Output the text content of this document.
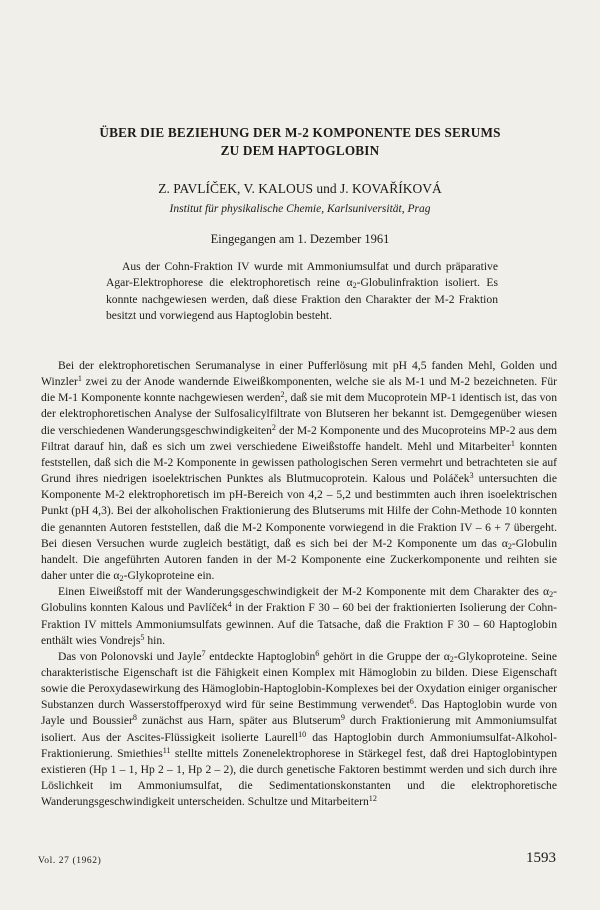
ÜBER DIE BEZIEHUNG DER M-2 KOMPONENTE DES SERUMS
ZU DEM HAPTOGLOBIN
Z. PAVLÍČEK, V. KALOUS und J. KOVAŘÍKOVÁ
Institut für physikalische Chemie, Karlsuniversität, Prag
Eingegangen am 1. Dezember 1961

Aus der Cohn-Fraktion IV wurde mit Ammoniumsulfat und durch präparative Agar-Elektrophorese die elektrophoretisch reine $\alpha_2$-Globulinfraktion isoliert. Es konnte nachgewiesen werden, daß diese Fraktion den Charakter der M-2 Fraktion besitzt und vorwiegend aus Haptoglobin besteht.

Bei der elektrophoretischen Serumanalyse in einer Pufferlösung mit pH 4,5 fanden Mehl, Golden und Winzler$^1$ zwei zu der Anode wandernde Eiweißkomponenten, welche sie als M-1 und M-2 bezeichneten. Für die M-1 Komponente konnte nachgewiesen werden$^2$, daß sie mit dem Mucoprotein MP-1 identisch ist, das von der elektrophoretischen Analyse der Sulfosalicylfiltrate von Blutseren her bekannt ist. Demgegenüber wiesen die verschiedenen Wanderungsgeschwindigkeiten$^2$ der M-2 Komponente und des Mucoproteins MP-2 aus dem Filtrat darauf hin, daß es sich um zwei verschiedene Eiweißstoffe handelt. Mehl und Mitarbeiter$^1$ konnten feststellen, daß sich die M-2 Komponente in gewissen pathologischen Seren vermehrt und betrachteten sie auf Grund ihres niedrigen isoelektrischen Punktes als Blutmucoprotein. Kalous und Poláček$^3$ untersuchten die Komponente M-2 elektrophoretisch im pH-Bereich von 4,2 – 5,2 und bestimmten auch ihren isoelektrischen Punkt (pH 4,3). Bei der alkoholischen Fraktionierung des Blutserums mit Hilfe der Cohn-Methode 10 konnten die genannten Autoren feststellen, daß die M-2 Komponente vorwiegend in die Fraktion IV – 6 + 7 übergeht. Bei diesen Versuchen wurde zugleich bestätigt, daß es sich bei der M-2 Komponente um das $\alpha_2$-Globulin handelt. Die angeführten Autoren fanden in der M-2 Komponente eine Zuckerkomponente und reihten sie daher unter die $\alpha_2$-Glykoproteine ein.

Einen Eiweißstoff mit der Wanderungsgeschwindigkeit der M-2 Komponente mit dem Charakter des $\alpha_2$-Globulins konnten Kalous und Pavlíček$^4$ in der Fraktion F 30 – 60 bei der fraktionierten Isolierung der Cohn-Fraktion IV mittels Ammoniumsulfats gewinnen. Auf die Tatsache, daß die Fraktion F 30 – 60 Haptoglobin enthält wies Vondrejs$^5$ hin.

Das von Polonovski und Jayle$^7$ entdeckte Haptoglobin$^6$ gehört in die Gruppe der $\alpha_2$-Glykoproteine. Seine charakteristische Eigenschaft ist die Fähigkeit einen Komplex mit Hämoglobin zu bilden. Diese Eigenschaft sowie die Peroxydasewirkung des Hämoglobin-Haptoglobin-Komplexes bei der Oxydation einiger organischer Substanzen durch Wasserstoffperoxyd wird für seine Bestimmung verwendet$^6$. Das Haptoglobin wurde von Jayle und Boussier$^8$ zunächst aus Harn, später aus Blutserum$^9$ durch Fraktionierung mit Ammoniumsulfat isoliert. Aus der Ascites-Flüssigkeit isolierte Laurell$^{10}$ das Haptoglobin durch Ammoniumsulfat-Alkohol-Fraktionierung. Smiethies$^{11}$ stellte mittels Zonenelektrophorese in Stärkegel fest, daß drei Haptoglobintypen existieren (Hp 1 – 1, Hp 2 – 1, Hp 2 – 2), die durch genetische Faktoren bestimmt werden und sich durch ihre Löslichkeit im Ammoniumsulfat, die Sedimentationskonstanten und die elektrophoretische Wanderungsgeschwindigkeit unterscheiden. Schultze und Mitarbeitern$^{12}$

Vol. 27 (1962)	1593
